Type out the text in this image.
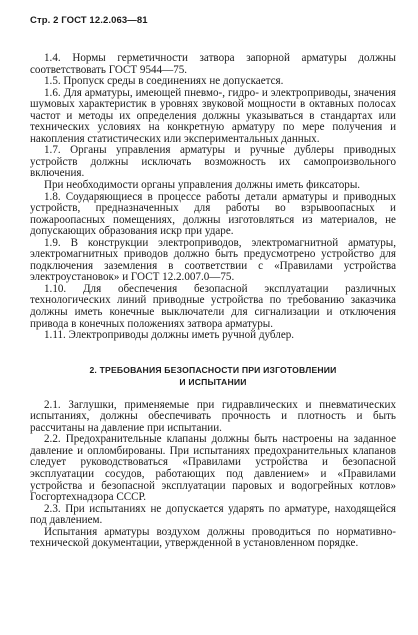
Стр. 2 ГОСТ 12.2.063—81

1.4. Нормы герметичности затвора запорной арматуры должны соответствовать ГОСТ 9544—75.

1.5. Пропуск среды в соединениях не допускается.

1.6. Для арматуры, имеющей пневмо-, гидро- и электроприводы, значения шумовых характеристик в уровнях звуковой мощности в октавных полосах частот и методы их определения должны указываться в стандартах или технических условиях на конкретную арматуру по мере получения и накопления статистических или экспериментальных данных.

1.7. Органы управления арматуры и ручные дублеры приводных устройств должны исключать возможность их самопроизвольного включения.

При необходимости органы управления должны иметь фиксаторы.

1.8. Соударяющиеся в процессе работы детали арматуры и приводных устройств, предназначенных для работы во взрывоопасных и пожароопасных помещениях, должны изготовляться из материалов, не допускающих образования искр при ударе.

1.9. В конструкции электроприводов, электромагнитной арматуры, электромагнитных приводов должно быть предусмотрено устройство для подключения заземления в соответствии с «Правилами устройства электроустановок» и ГОСТ 12.2.007.0—75.

1.10. Для обеспечения безопасной эксплуатации различных технологических линий приводные устройства по требованию заказчика должны иметь конечные выключатели для сигнализации и отключения привода в конечных положениях затвора арматуры.

1.11. Электроприводы должны иметь ручной дублер.

2. ТРЕБОВАНИЯ БЕЗОПАСНОСТИ ПРИ ИЗГОТОВЛЕНИИ
И ИСПЫТАНИИ

2.1. Заглушки, применяемые при гидравлических и пневматических испытаниях, должны обеспечивать прочность и плотность и быть рассчитаны на давление при испытании.

2.2. Предохранительные клапаны должны быть настроены на заданное давление и опломбированы. При испытаниях предохранительных клапанов следует руководствоваться «Правилами устройства и безопасной эксплуатации сосудов, работающих под давлением» и «Правилами устройства и безопасной эксплуатации паровых и водогрейных котлов» Госгортехнадзора СССР.

2.3. При испытаниях не допускается ударять по арматуре, находящейся под давлением.

Испытания арматуры воздухом должны проводиться по нормативно-технической документации, утвержденной в установленном порядке.
